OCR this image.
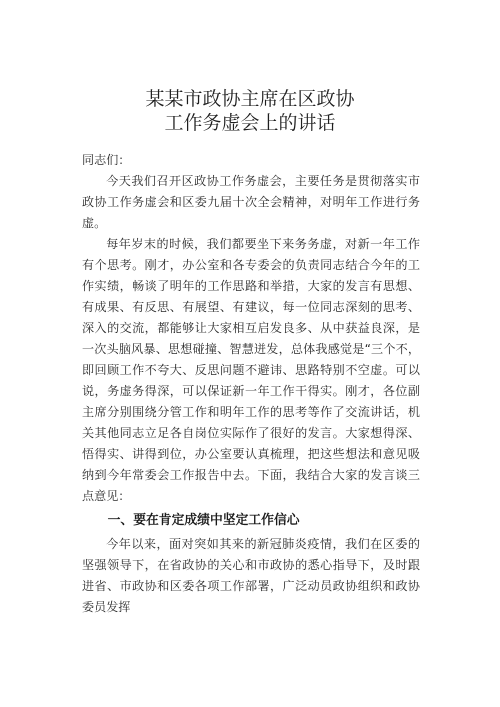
某某市政协主席在区政协
工作务虚会上的讲话

同志们：

今天我们召开区政协工作务虚会，主要任务是贯彻落实市政协工作务虚会和区委九届十次全会精神，对明年工作进行务虚。

每年岁末的时候，我们都要坐下来务务虚，对新一年工作有个思考。刚才，办公室和各专委会的负责同志结合今年的工作实绩，畅谈了明年的工作思路和举措，大家的发言有思想、有成果、有反思、有展望、有建议，每一位同志深刻的思考、深入的交流，都能够让大家相互启发良多、从中获益良深，是一次头脑风暴、思想碰撞、智慧迸发，总体我感觉是“三个不，即回顾工作不夸大、反思问题不避讳、思路特别不空虚。可以说，务虚务得深，可以保证新一年工作干得实。刚才，各位副主席分别围绕分管工作和明年工作的思考等作了交流讲话，机关其他同志立足各自岗位实际作了很好的发言。大家想得深、悟得实、讲得到位，办公室要认真梳理，把这些想法和意见吸纳到今年常委会工作报告中去。下面，我结合大家的发言谈三点意见：

一、要在肯定成绩中坚定工作信心

今年以来，面对突如其来的新冠肺炎疫情，我们在区委的坚强领导下，在省政协的关心和市政协的悉心指导下，及时跟进省、市政协和区委各项工作部署，广泛动员政协组织和政协委员发挥
